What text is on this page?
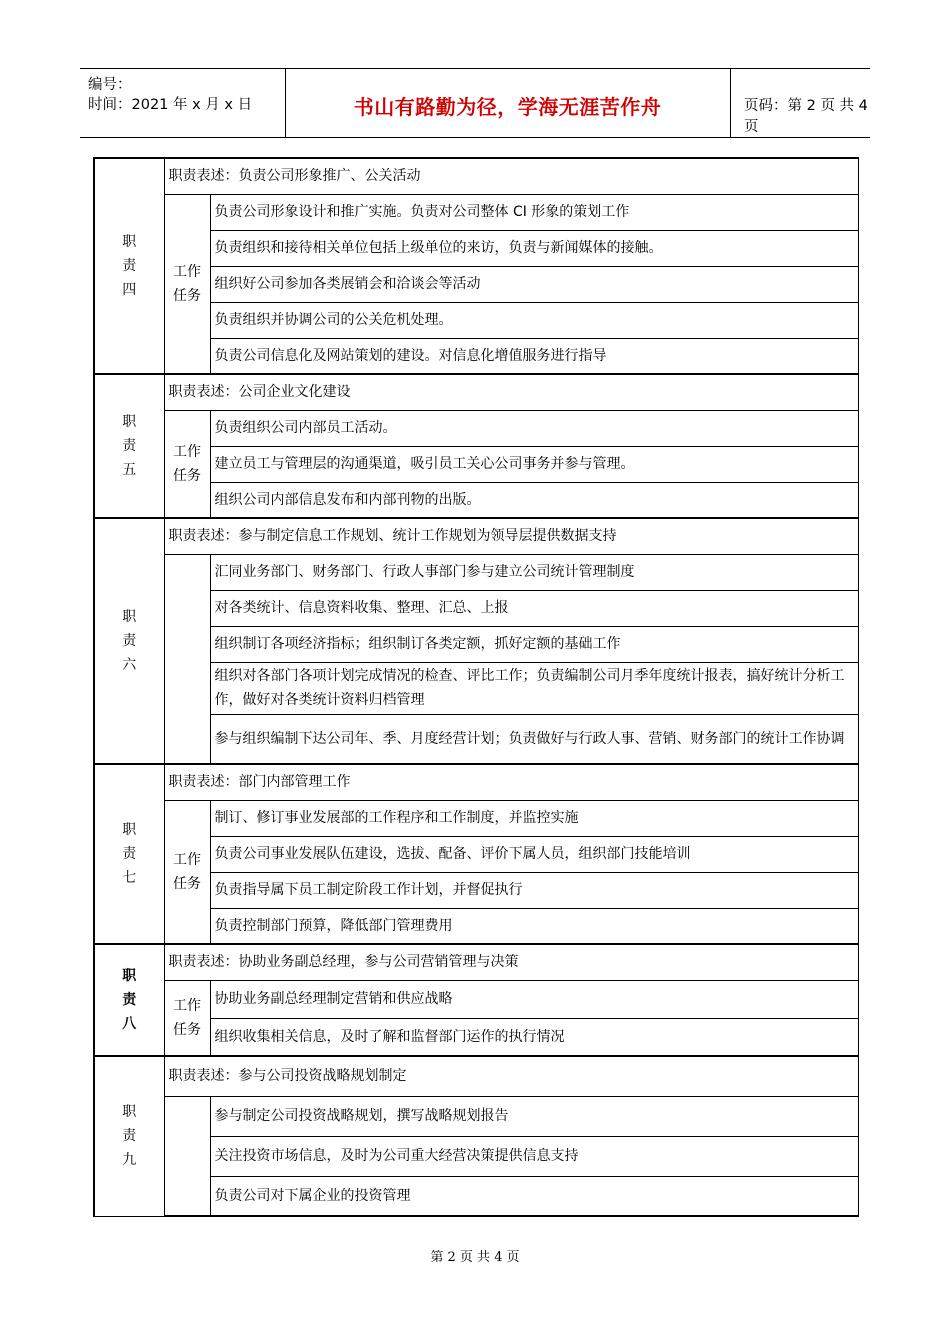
编号：
时间：2021 年 x 月 x 日	书山有路勤为径，学海无涯苦作舟	页码：第 2 页 共 4 页
职
责
四	职责表述：负责公司形象推广、公关活动	

	工作
任务	负责公司形象设计和推广实施。负责对公司整体 CI 形象的策划工作
		负责组织和接待相关单位包括上级单位的来访，负责与新闻媒体的接触。
		组织好公司参加各类展销会和洽谈会等活动
		负责组织并协调公司的公关危机处理。
		负责公司信息化及网站策划的建设。对信息化增值服务进行指导

职
责
五	职责表述：公司企业文化建设	

	工作
任务	负责组织公司内部员工活动。
		建立员工与管理层的沟通渠道，吸引员工关心公司事务并参与管理。
		组织公司内部信息发布和内部刊物的出版。

职
责
六	职责表述：参与制定信息工作规划、统计工作规划为领导层提供数据支持	
		汇同业务部门、财务部门、行政人事部门参与建立公司统计管理制度
		对各类统计、信息资料收集、整理、汇总、上报
		组织制订各项经济指标；组织制订各类定额，抓好定额的基础工作
		组织对各部门各项计划完成情况的检查、评比工作；负责编制公司月季年度统计报表，搞好统计分析工作，做好对各类统计资料归档管理
		参与组织编制下达公司年、季、月度经营计划；负责做好与行政人事、营销、财务部门的统计工作协调

职
责
七	职责表述：部门内部管理工作	

	工作
任务	制订、修订事业发展部的工作程序和工作制度，并监控实施
		负责公司事业发展队伍建设，选拔、配备、评价下属人员，组织部门技能培训
		负责指导属下员工制定阶段工作计划，并督促执行
		负责控制部门预算，降低部门管理费用

职
责
八	职责表述：协助业务副总经理，参与公司营销管理与决策	

	工作
任务	协助业务副总经理制定营销和供应战略
		组织收集相关信息，及时了解和监督部门运作的执行情况

职
责
九	职责表述：参与公司投资战略规划制定	
		参与制定公司投资战略规划，撰写战略规划报告
		关注投资市场信息，及时为公司重大经营决策提供信息支持
		负责公司对下属企业的投资管理
第 2 页 共 4 页
